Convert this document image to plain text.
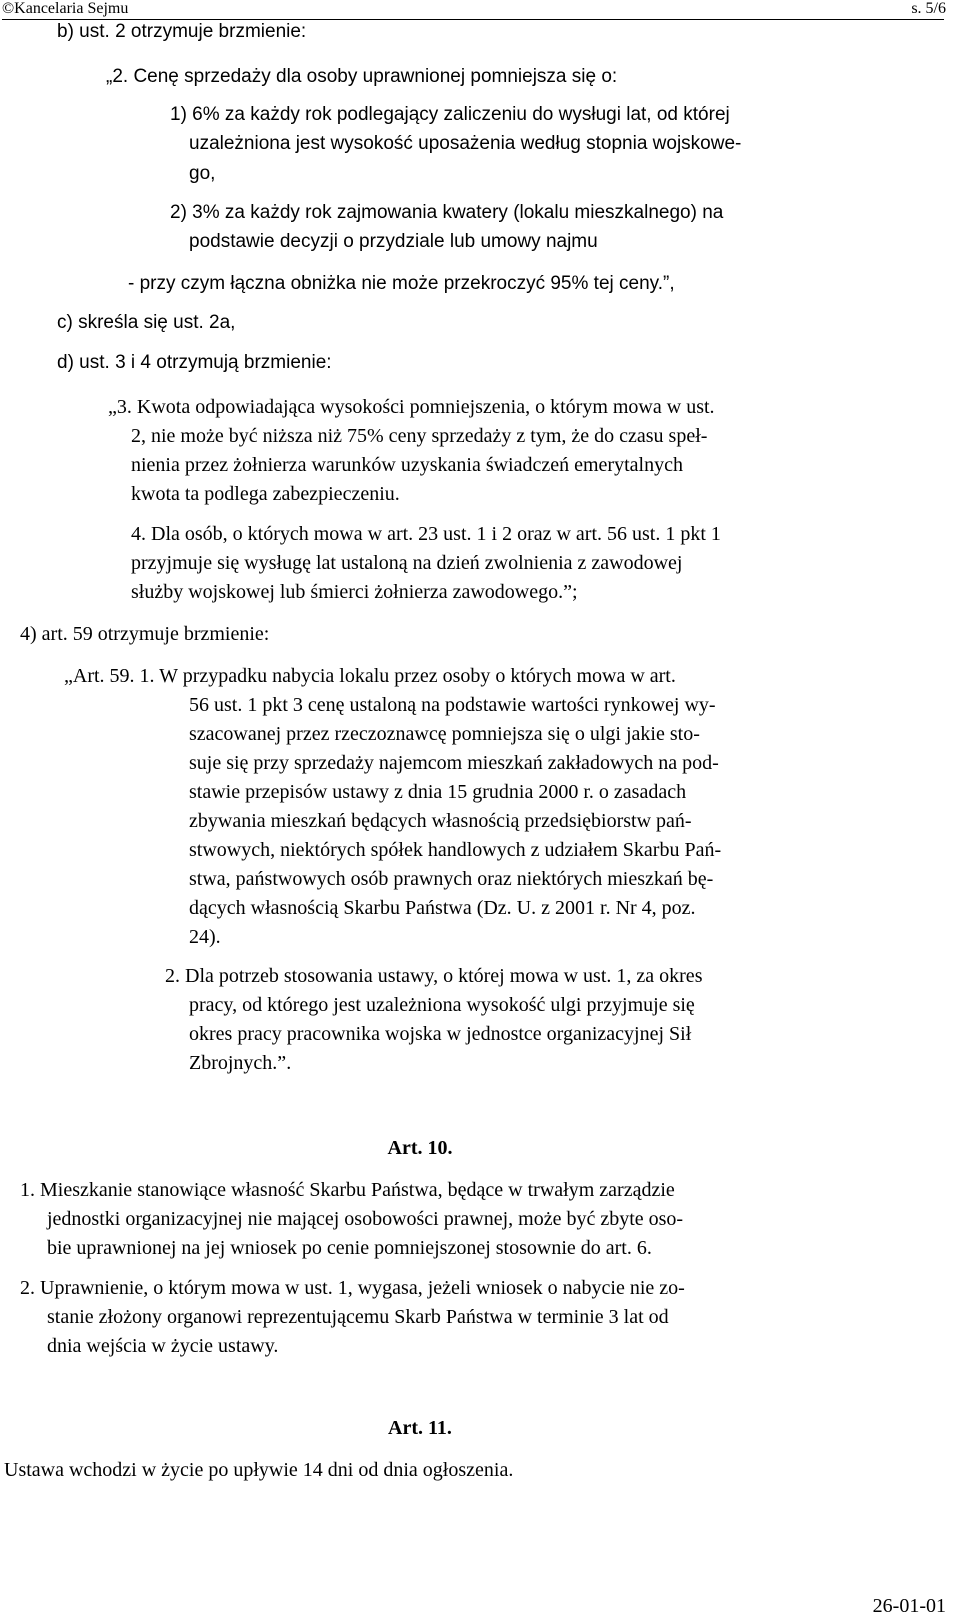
©Kancelaria Sejmu	s. 5/6
b) ust. 2 otrzymuje brzmienie:
„2. Cenę sprzedaży dla osoby uprawnionej pomniejsza się o:
1) 6% za każdy rok podlegający zaliczeniu do wysługi lat, od której
uzależniona jest wysokość uposażenia według stopnia wojskowe-
go,
2) 3% za każdy rok zajmowania kwatery (lokalu mieszkalnego) na
podstawie decyzji o przydziale lub umowy najmu
- przy czym łączna obniżka nie może przekroczyć 95% tej ceny.”,
c) skreśla się ust. 2a,
d) ust. 3 i 4 otrzymują brzmienie:
„3. Kwota odpowiadająca wysokości pomniejszenia, o którym mowa w ust.
2, nie może być niższa niż 75% ceny sprzedaży z tym, że do czasu speł-
nienia przez żołnierza warunków uzyskania świadczeń emerytalnych
kwota ta podlega zabezpieczeniu.
4. Dla osób, o których mowa w art. 23 ust. 1 i 2 oraz w art. 56 ust. 1 pkt 1
przyjmuje się wysługę lat ustaloną na dzień zwolnienia z zawodowej
służby wojskowej lub śmierci żołnierza zawodowego.”;
4) art. 59 otrzymuje brzmienie:
„Art. 59. 1. W przypadku nabycia lokalu przez osoby o których mowa w art.
56 ust. 1 pkt 3 cenę ustaloną na podstawie wartości rynkowej wy-
szacowanej przez rzeczoznawcę pomniejsza się o ulgi jakie sto-
suje się przy sprzedaży najemcom mieszkań zakładowych na pod-
stawie przepisów ustawy z dnia 15 grudnia 2000 r. o zasadach
zbywania mieszkań będących własnością przedsiębiorstw pań-
stwowych, niektórych spółek handlowych z udziałem Skarbu Pań-
stwa, państwowych osób prawnych oraz niektórych mieszkań bę-
dących własnością Skarbu Państwa (Dz. U. z 2001 r. Nr 4, poz.
24).
2. Dla potrzeb stosowania ustawy, o której mowa w ust. 1, za okres
pracy, od którego jest uzależniona wysokość ulgi przyjmuje się
okres pracy pracownika wojska w jednostce organizacyjnej Sił
Zbrojnych.”.
Art. 10.
1. Mieszkanie stanowiące własność Skarbu Państwa, będące w trwałym zarządzie
jednostki organizacyjnej nie mającej osobowości prawnej, może być zbyte oso-
bie uprawnionej na jej wniosek po cenie pomniejszonej stosownie do art. 6.
2. Uprawnienie, o którym mowa w ust. 1, wygasa, jeżeli wniosek o nabycie nie zo-
stanie złożony organowi reprezentującemu Skarb Państwa w terminie 3 lat od
dnia wejścia w życie ustawy.
Art. 11.
Ustawa wchodzi w życie po upływie 14 dni od dnia ogłoszenia.
26-01-01
